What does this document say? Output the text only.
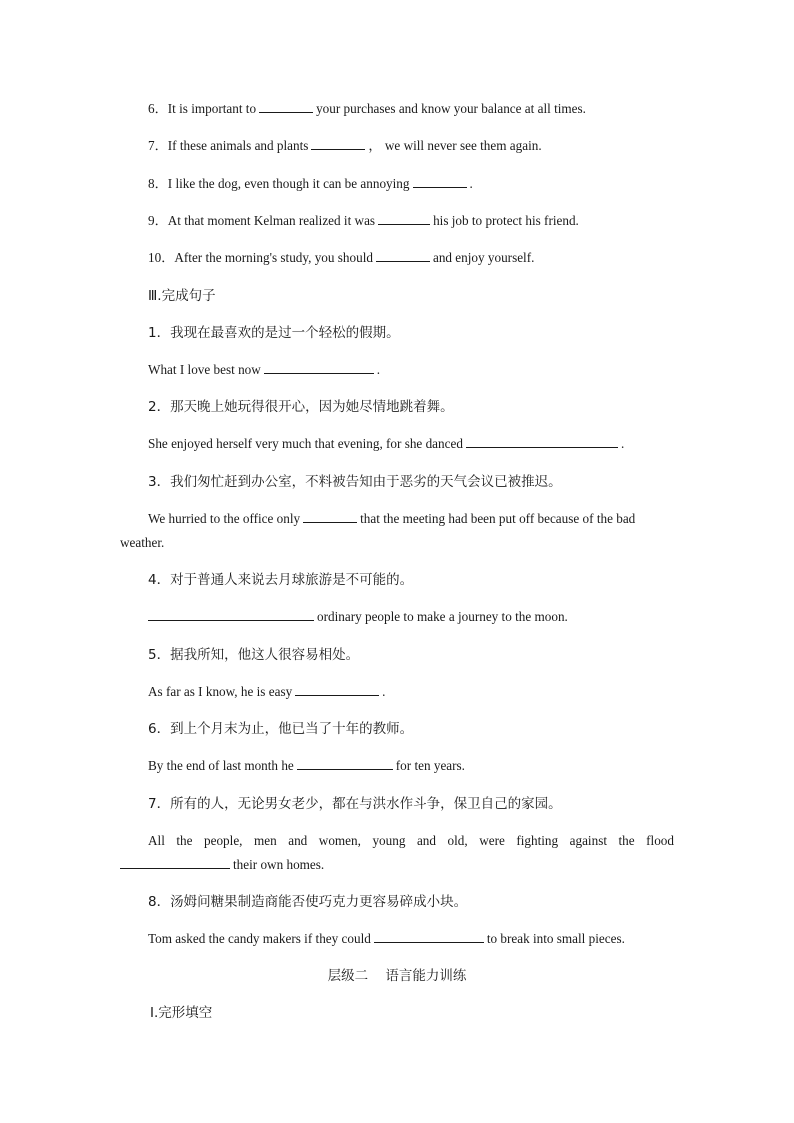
6．It is important to	your purchases and know your balance at all times.
7．If these animals and plants	， we will never see them again.
8．I like the dog, even though it can be annoying	.
9．At that moment Kelman realized it was	his job to protect his friend.
10．After the morning's study, you should	and enjoy yourself.
Ⅲ.完成句子
1．我现在最喜欢的是过一个轻松的假期。
What I love best now	.
2．那天晚上她玩得很开心，因为她尽情地跳着舞。
She enjoyed herself very much that evening, for she danced	.
3．我们匆忙赶到办公室，不料被告知由于恶劣的天气会议已被推迟。
We hurried to the office only	that the meeting had been put off because of the bad
weather.
4．对于普通人来说去月球旅游是不可能的。
ordinary people to make a journey to the moon.
5．据我所知，他这人很容易相处。
As far as I know, he is easy	.
6．到上个月末为止，他已当了十年的教师。
By the end of last month he	for ten years.
7．所有的人，无论男女老少，都在与洪水作斗争，保卫自己的家园。
All the people, men and women, young and old, were fighting against the flood
their own homes.
8．汤姆问糖果制造商能否使巧克力更容易碎成小块。
Tom asked the candy makers if they could	to break into small pieces.
层级二    语言能力训练
Ⅰ.完形填空
